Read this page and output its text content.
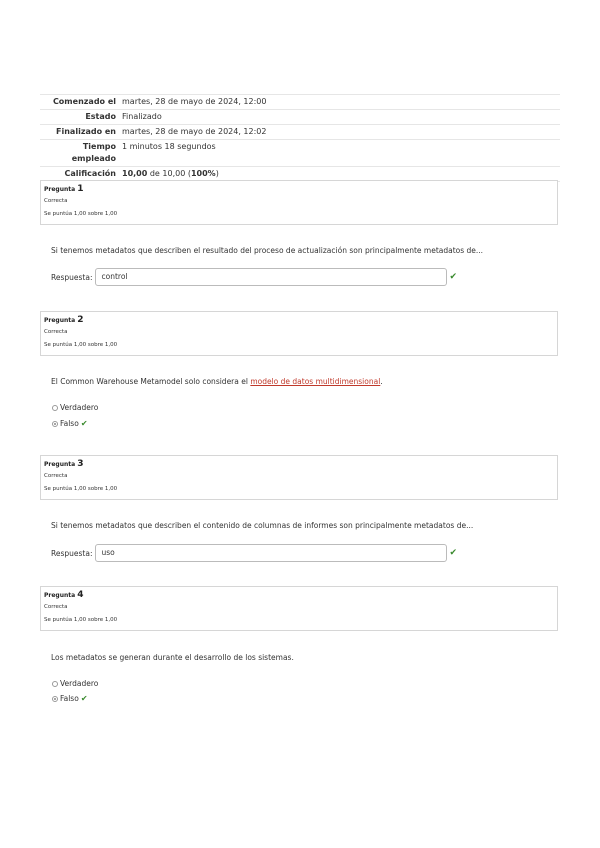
Comenzado el martes, 28 de mayo de 2024, 12:00
Estado Finalizado
Finalizado en martes, 28 de mayo de 2024, 12:02
Tiempo empleado
1 minutos 18 segundos
Calificación 10,00 de 10,00 (100%)
Pregunta 1
Correcta
Se puntúa 1,00 sobre 1,00
Si tenemos metadatos que describen el resultado del proceso de actualización son principalmente metadatos de...
Respuesta:	control	✔
Pregunta 2
Correcta
Se puntúa 1,00 sobre 1,00
El Common Warehouse Metamodel solo considera el modelo de datos multidimensional.
Verdadero
Falso ✔
Pregunta 3
Correcta
Se puntúa 1,00 sobre 1,00
Si tenemos metadatos que describen el contenido de columnas de informes son principalmente metadatos de...
Respuesta:	uso	✔
Pregunta 4
Correcta
Se puntúa 1,00 sobre 1,00
Los metadatos se generan durante el desarrollo de los sistemas.
Verdadero
Falso ✔
